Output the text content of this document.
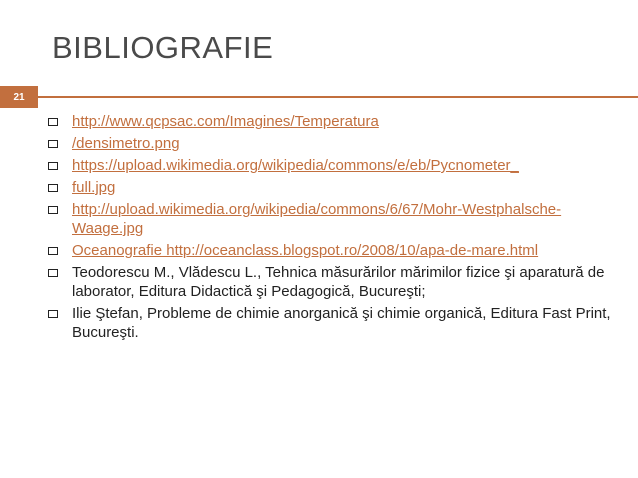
BIBLIOGRAFIE
21
http://www.qcpsac.com/Imagines/Temperatura
/densimetro.png
https://upload.wikimedia.org/wikipedia/commons/e/eb/Pycnometer_
full.jpg
http://upload.wikimedia.org/wikipedia/commons/6/67/Mohr-Westphalsche-Waage.jpg
Oceanografie http://oceanclass.blogspot.ro/2008/10/apa-de-mare.html
Teodorescu M., Vlădescu L., Tehnica măsurărilor mărimilor fizice şi aparatură de laborator, Editura Didactică şi Pedagogică, Bucureşti;
Ilie Ştefan, Probleme de chimie anorganică şi chimie organică, Editura Fast Print, Bucureşti.
